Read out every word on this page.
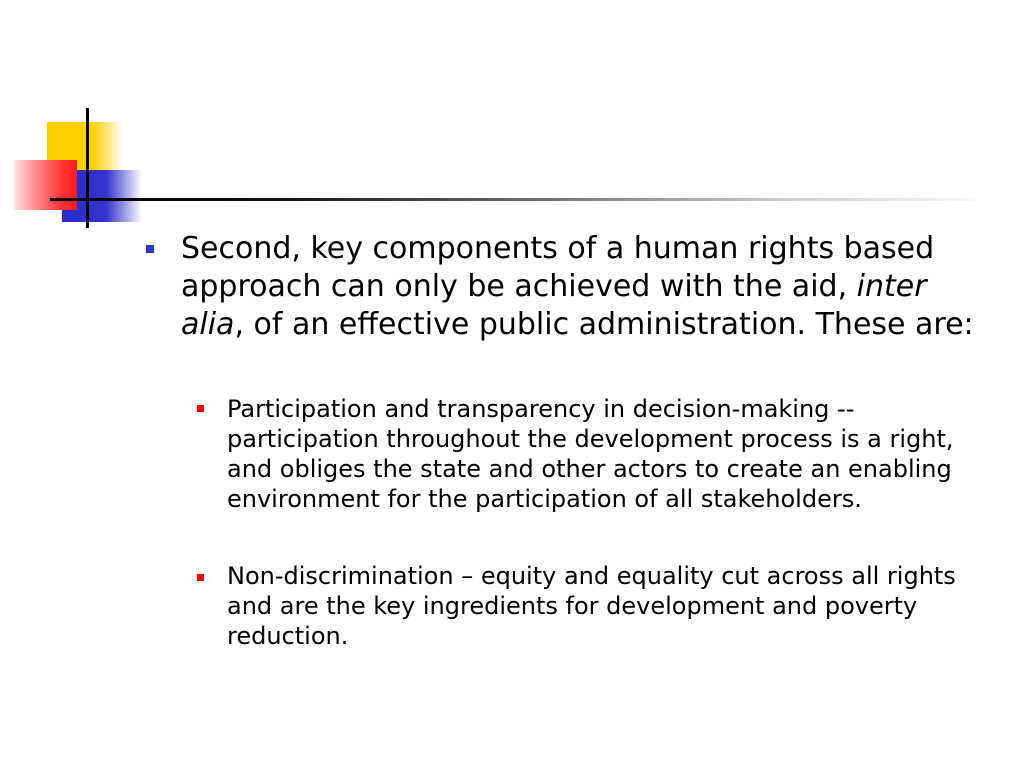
Second, key components of a human rights based
approach can only be achieved with the aid, inter
alia, of an effective public administration. These are:
Participation and transparency in decision-making --
participation throughout the development process is a right,
and obliges the state and other actors to create an enabling
environment for the participation of all stakeholders.
Non-discrimination – equity and equality cut across all rights
and are the key ingredients for development and poverty
reduction.
